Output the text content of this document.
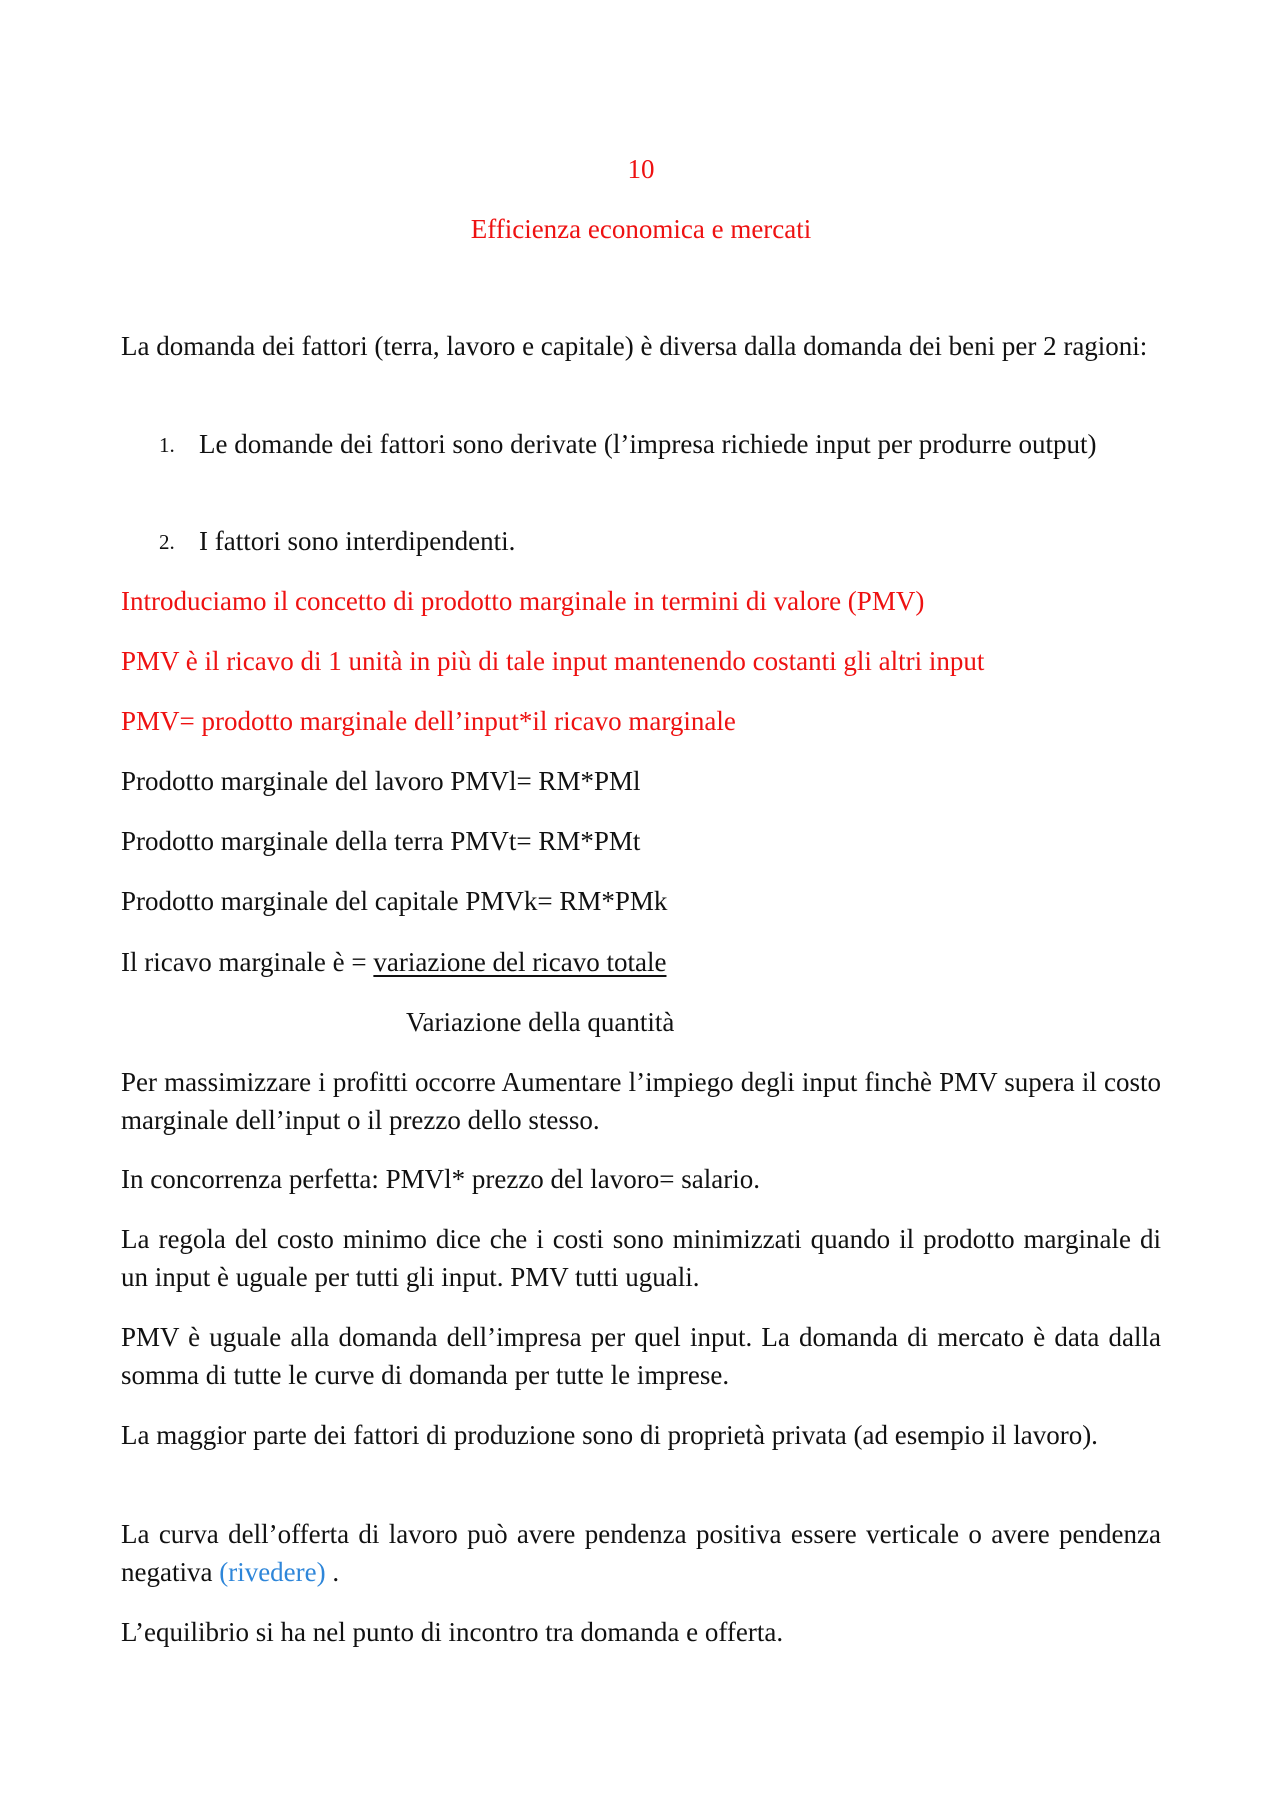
10
Efficienza economica e mercati

La domanda dei fattori (terra, lavoro e capitale) è diversa dalla domanda dei beni per 2 ragioni:

1. Le domande dei fattori sono derivate (l’impresa richiede input per produrre output)
2. I fattori sono interdipendenti.

Introduciamo il concetto di prodotto marginale in termini di valore (PMV)

PMV è il ricavo di 1 unità in più di tale input mantenendo costanti gli altri input

PMV= prodotto marginale dell’input*il ricavo marginale

Prodotto marginale del lavoro PMVl= RM*PMl

Prodotto marginale della terra PMVt= RM*PMt

Prodotto marginale del capitale PMVk= RM*PMk

Il ricavo marginale è = variazione del ricavo totale

Variazione della quantità

Per massimizzare i profitti occorre Aumentare l’impiego degli input finchè PMV supera il costo marginale dell’input o il prezzo dello stesso.

In concorrenza perfetta: PMVl* prezzo del lavoro= salario.

La regola del costo minimo dice che i costi sono minimizzati quando il prodotto marginale di un input è uguale per tutti gli input. PMV tutti uguali.

PMV è uguale alla domanda dell’impresa per quel input. La domanda di mercato è data dalla somma di tutte le curve di domanda per tutte le imprese.

La maggior parte dei fattori di produzione sono di proprietà privata (ad esempio il lavoro).

La curva dell’offerta di lavoro può avere pendenza positiva essere verticale o avere pendenza negativa (rivedere) .

L’equilibrio si ha nel punto di incontro tra domanda e offerta.
